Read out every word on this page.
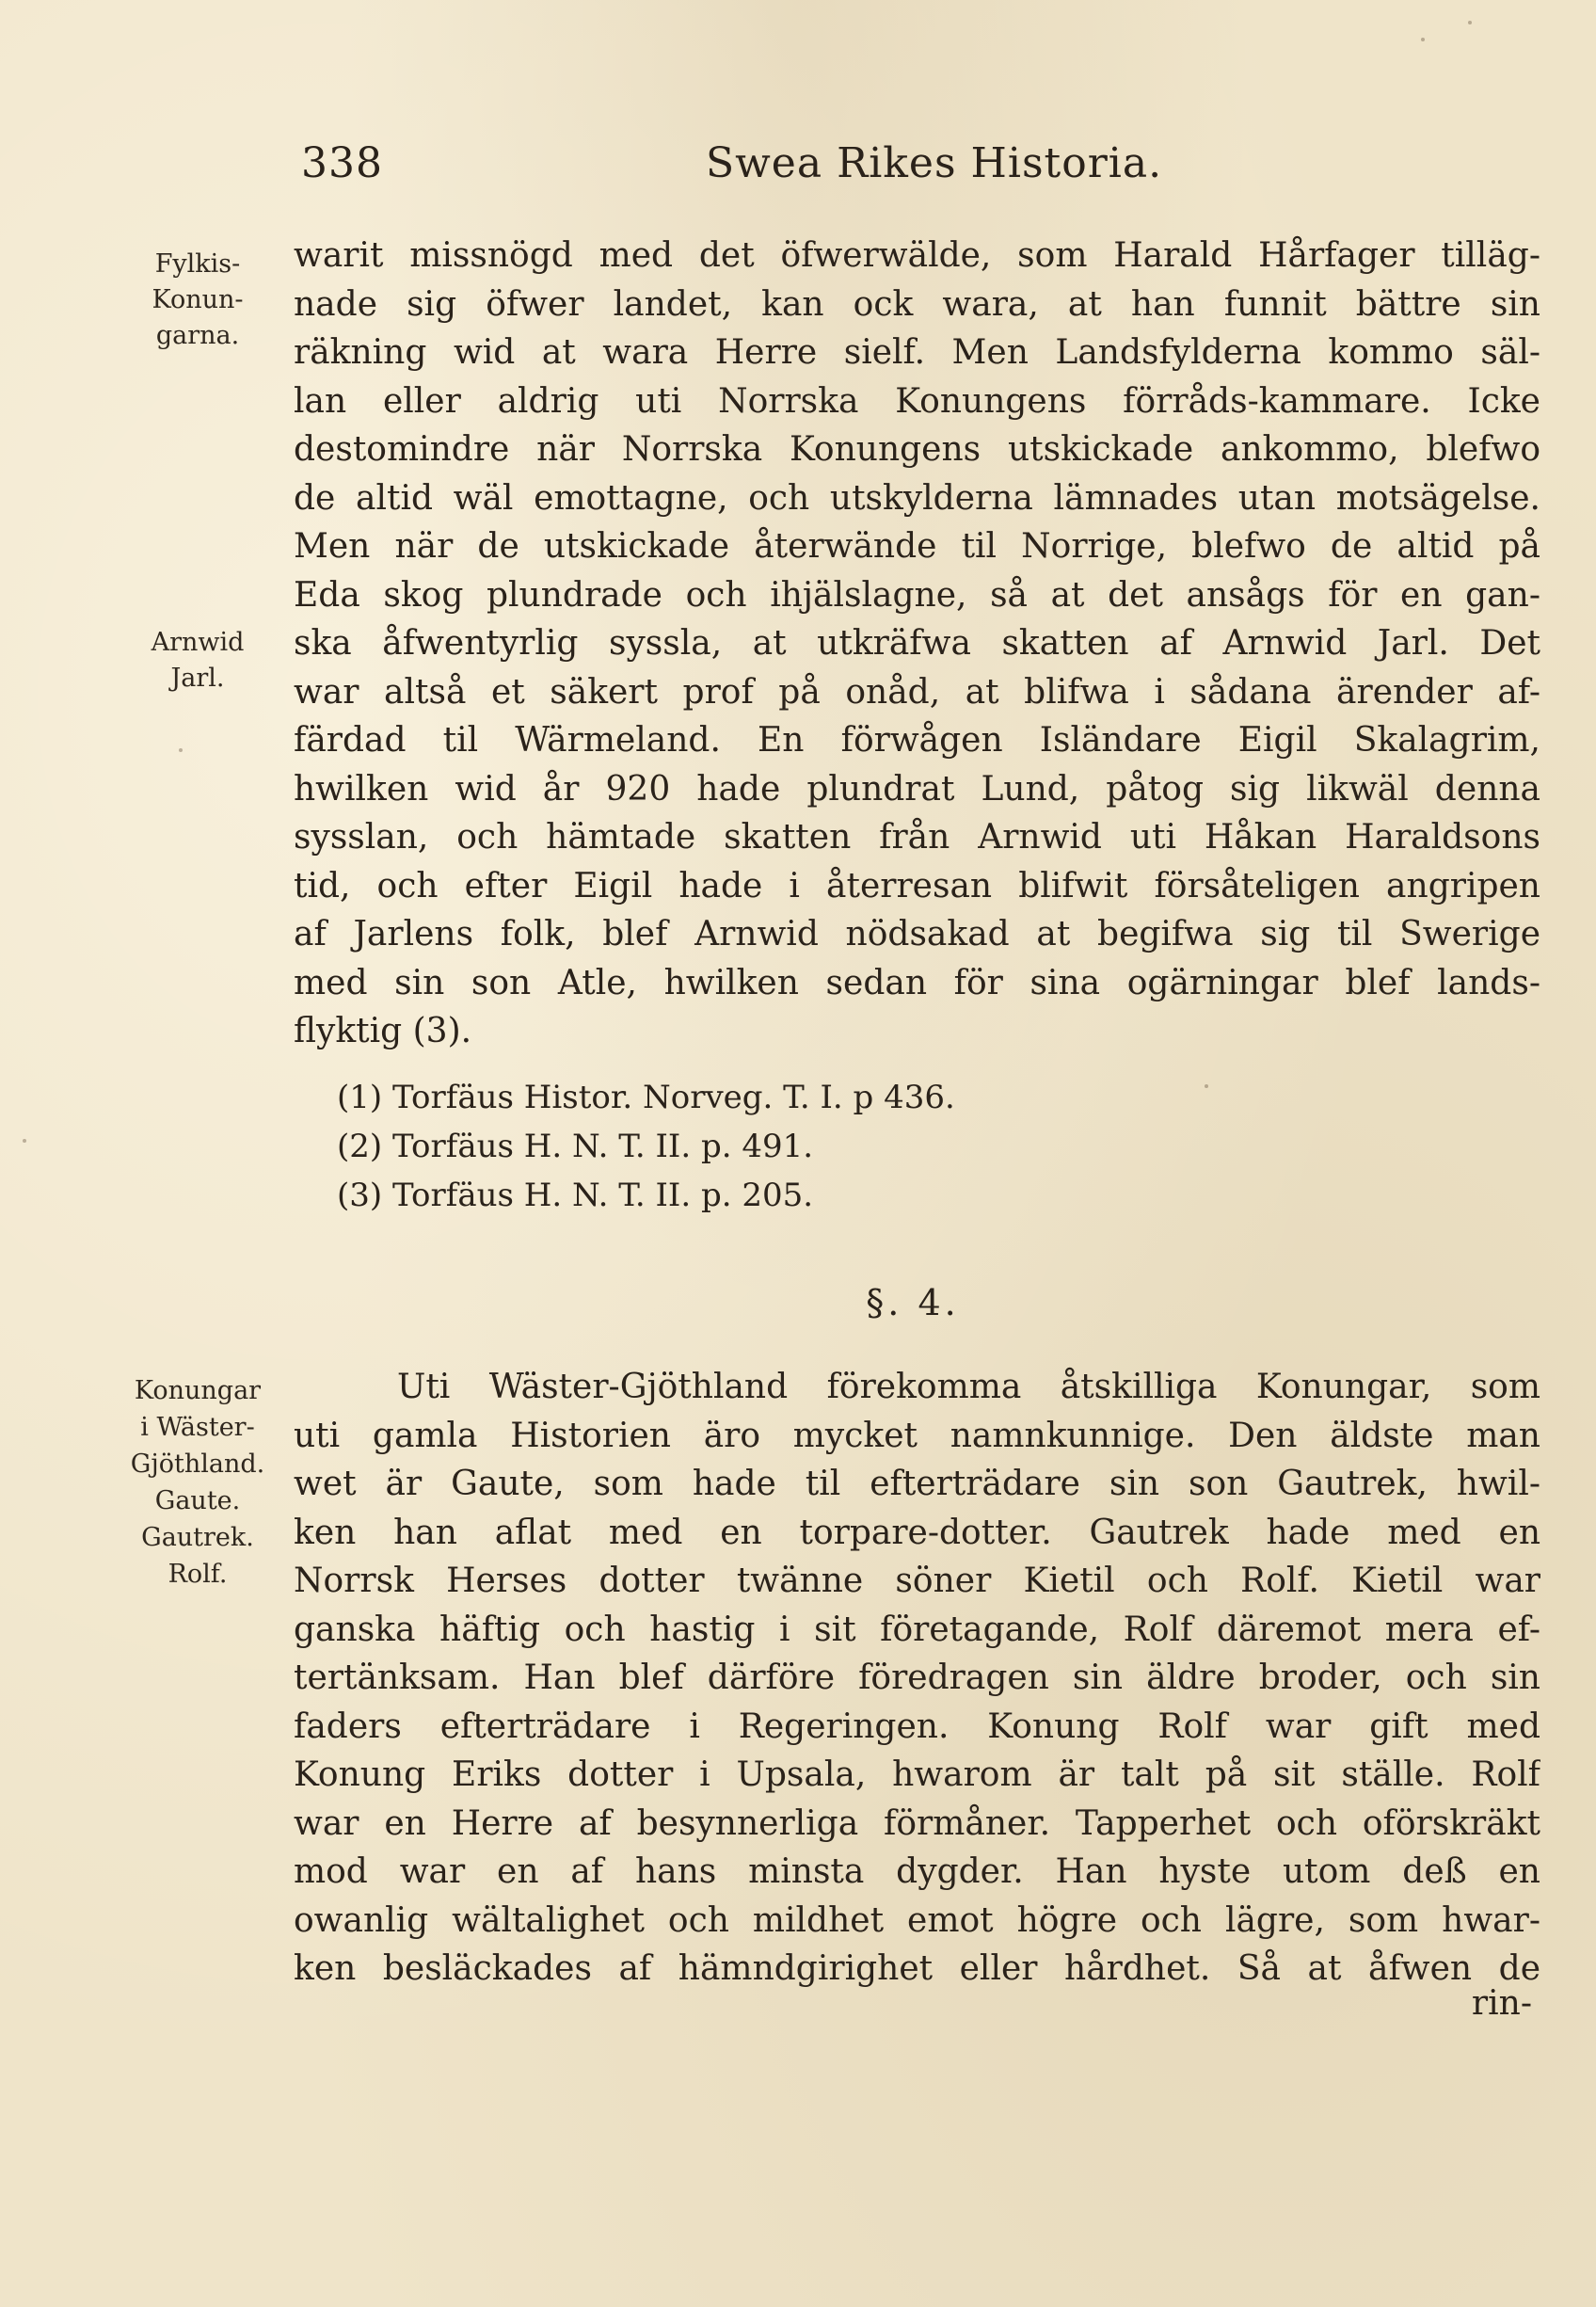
338	Swea Rikes Historia.
Fylkis-
Konun-
garna.
Arnwid
Jarl.
Konungar
i Wäster-
Gjöthland.
Gaute.
Gautrek.
Rolf.
warit missnögd med det öfwerwälde, som Harald Hårfager tilläg-
nade sig öfwer landet, kan ock wara, at han funnit bättre sin
räkning wid at wara Herre sielf. Men Landsfylderna kommo säl-
lan eller aldrig uti Norrska Konungens förråds-kammare. Icke
destomindre när Norrska Konungens utskickade ankommo, blefwo
de altid wäl emottagne, och utskylderna lämnades utan motsägelse.
Men när de utskickade återwände til Norrige, blefwo de altid på
Eda skog plundrade och ihjälslagne, så at det ansågs för en gan-
ska åfwentyrlig syssla, at utkräfwa skatten af Arnwid Jarl. Det
war altså et säkert prof på onåd, at blifwa i sådana ärender af-
färdad til Wärmeland. En förwågen Isländare Eigil Skalagrim,
hwilken wid år 920 hade plundrat Lund, påtog sig likwäl denna
sysslan, och hämtade skatten från Arnwid uti Håkan Haraldsons
tid, och efter Eigil hade i återresan blifwit försåteligen angripen
af Jarlens folk, blef Arnwid nödsakad at begifwa sig til Swerige
med sin son Atle, hwilken sedan för sina ogärningar blef lands-
flyktig (3).
(1) Torfäus Histor. Norveg. T. I. p 436.
(2) Torfäus H. N. T. II. p. 491.
(3) Torfäus H. N. T. II. p. 205.
§. 4.
Uti Wäster-Gjöthland förekomma åtskilliga Konungar, som
uti gamla Historien äro mycket namnkunnige. Den äldste man
wet är Gaute, som hade til efterträdare sin son Gautrek, hwil-
ken han aflat med en torpare-dotter. Gautrek hade med en
Norrsk Herses dotter twänne söner Kietil och Rolf. Kietil war
ganska häftig och hastig i sit företagande, Rolf däremot mera ef-
tertänksam. Han blef därföre föredragen sin äldre broder, och sin
faders efterträdare i Regeringen. Konung Rolf war gift med
Konung Eriks dotter i Upsala, hwarom är talt på sit ställe. Rolf
war en Herre af besynnerliga förmåner. Tapperhet och oförskräkt
mod war en af hans minsta dygder. Han hyste utom deß en
owanlig wältalighet och mildhet emot högre och lägre, som hwar-
ken besläckades af hämndgirighet eller hårdhet. Så at åfwen de
rin-
